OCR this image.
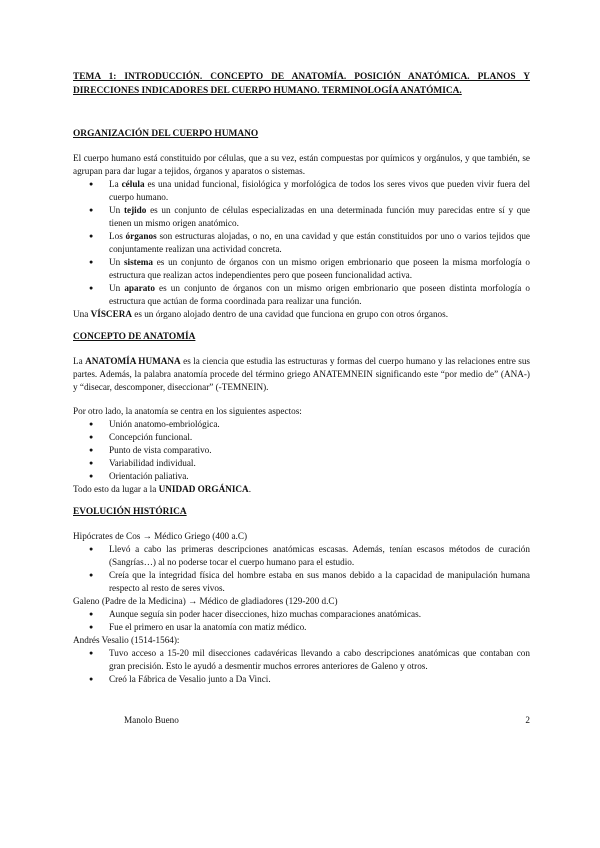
TEMA 1: INTRODUCCIÓN. CONCEPTO DE ANATOMÍA. POSICIÓN ANATÓMICA. PLANOS Y DIRECCIONES INDICADORES DEL CUERPO HUMANO. TERMINOLOGÍA ANATÓMICA.

ORGANIZACIÓN DEL CUERPO HUMANO

El cuerpo humano está constituido por células, que a su vez, están compuestas por químicos y orgánulos, y que también, se agrupan para dar lugar a tejidos, órganos y aparatos o sistemas.

● La célula es una unidad funcional, fisiológica y morfológica de todos los seres vivos que pueden vivir fuera del cuerpo humano.
● Un tejido es un conjunto de células especializadas en una determinada función muy parecidas entre sí y que tienen un mismo origen anatómico.
● Los órganos son estructuras alojadas, o no, en una cavidad y que están constituidos por uno o varios tejidos que conjuntamente realizan una actividad concreta.
● Un sistema es un conjunto de órganos con un mismo origen embrionario que poseen la misma morfología o estructura que realizan actos independientes pero que poseen funcionalidad activa.
● Un aparato es un conjunto de órganos con un mismo origen embrionario que poseen distinta morfología o estructura que actúan de forma coordinada para realizar una función.

Una VÍSCERA es un órgano alojado dentro de una cavidad que funciona en grupo con otros órganos.

CONCEPTO DE ANATOMÍA

La ANATOMÍA HUMANA es la ciencia que estudia las estructuras y formas del cuerpo humano y las relaciones entre sus partes. Además, la palabra anatomía procede del término griego ANATEMNEIN significando este “por medio de” (ANA-) y “disecar, descomponer, diseccionar” (-TEMNEIN).

Por otro lado, la anatomía se centra en los siguientes aspectos:

● Unión anatomo-embriológica.
● Concepción funcional.
● Punto de vista comparativo.
● Variabilidad individual.
● Orientación paliativa.

Todo esto da lugar a la UNIDAD ORGÁNICA.

EVOLUCIÓN HISTÓRICA

Hipócrates de Cos → Médico Griego (400 a.C)

● Llevó a cabo las primeras descripciones anatómicas escasas. Además, tenían escasos métodos de curación (Sangrías…) al no poderse tocar el cuerpo humano para el estudio.
● Creía que la integridad física del hombre estaba en sus manos debido a la capacidad de manipulación humana respecto al resto de seres vivos.

Galeno (Padre de la Medicina) → Médico de gladiadores (129-200 d.C)

● Aunque seguía sin poder hacer disecciones, hizo muchas comparaciones anatómicas.
● Fue el primero en usar la anatomía con matiz médico.

Andrés Vesalio (1514-1564):

● Tuvo acceso a 15-20 mil disecciones cadavéricas llevando a cabo descripciones anatómicas que contaban con gran precisión. Esto le ayudó a desmentir muchos errores anteriores de Galeno y otros.
● Creó la Fábrica de Vesalio junto a Da Vinci.
Manolo Bueno	2
